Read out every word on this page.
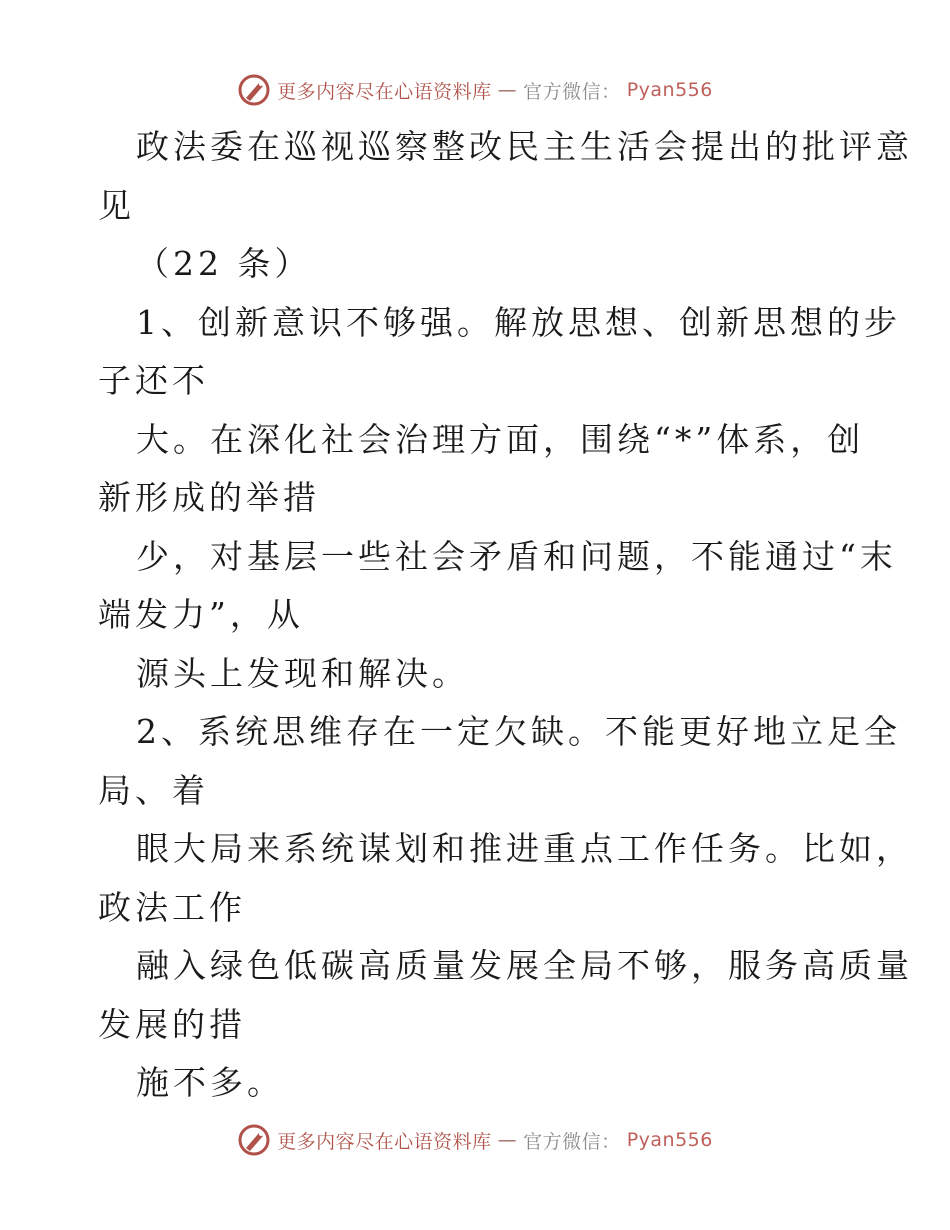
更多内容尽在心语资料库 — 官方微信： Pyan556
政法委在巡视巡察整改民主生活会提出的批评意
见
（22 条）
1、创新意识不够强。解放思想、创新思想的步
子还不
大。在深化社会治理方面，围绕“*”体系，创
新形成的举措
少，对基层一些社会矛盾和问题，不能通过“末
端发力”，从
源头上发现和解决。
2、系统思维存在一定欠缺。不能更好地立足全
局、着
眼大局来系统谋划和推进重点工作任务。比如，
政法工作
融入绿色低碳高质量发展全局不够，服务高质量
发展的措
施不多。
更多内容尽在心语资料库 — 官方微信： Pyan556
